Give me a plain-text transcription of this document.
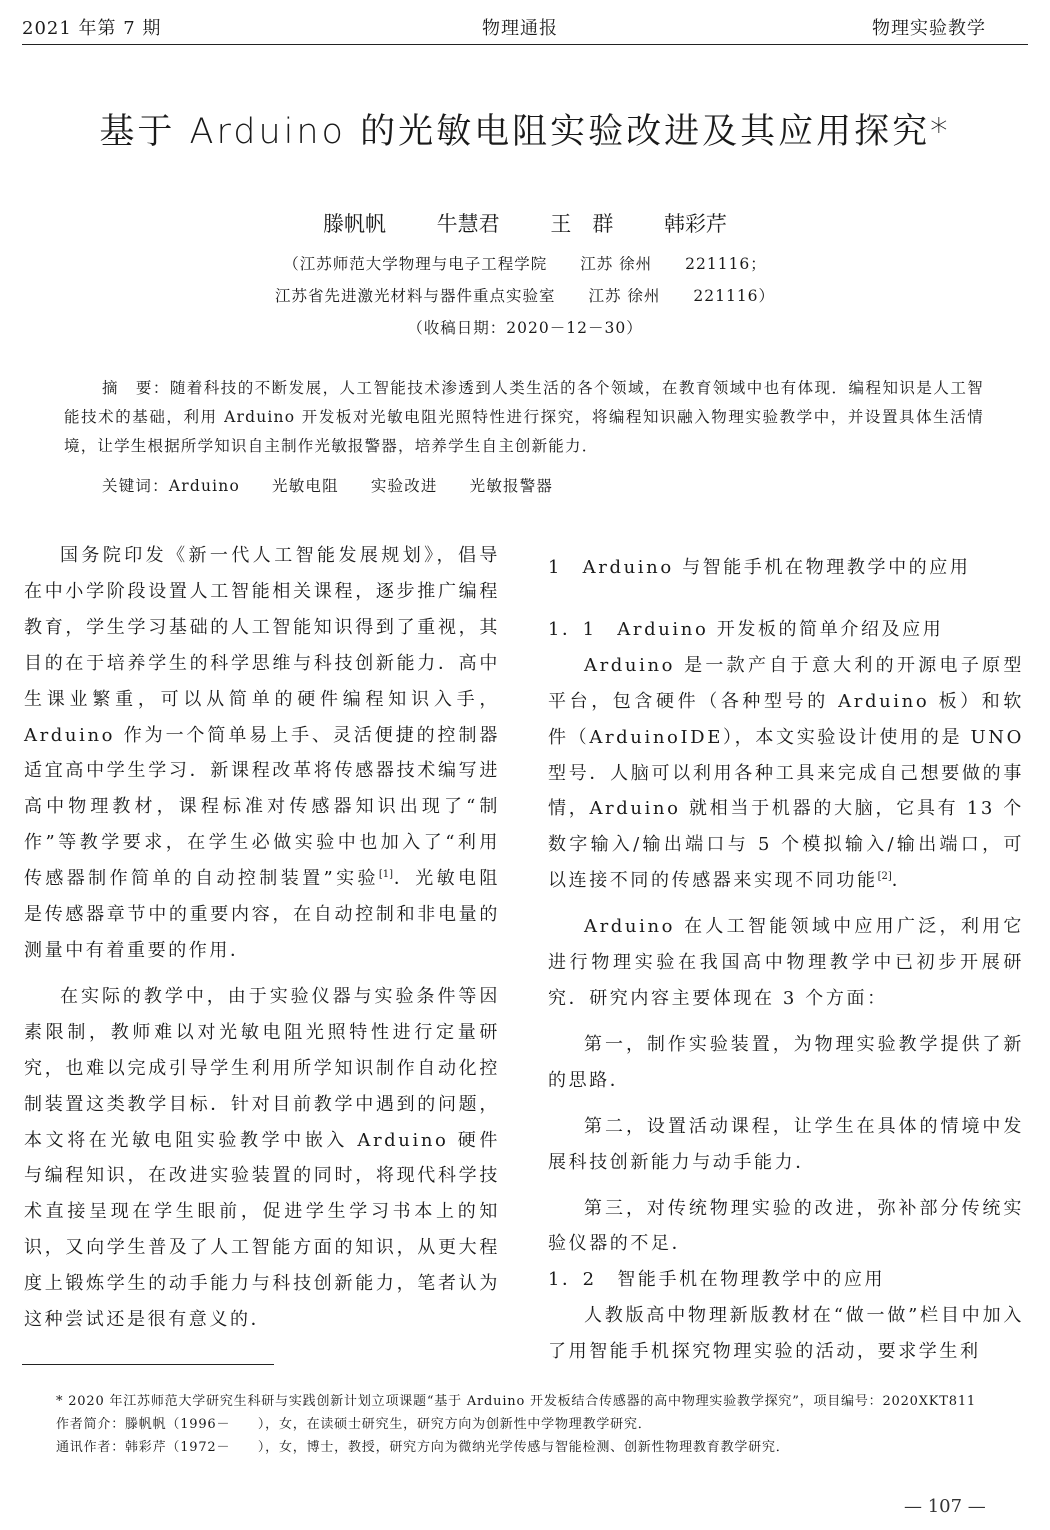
2021 年第 7 期	物理通报	物理实验教学
基于 Arduino 的光敏电阻实验改进及其应用探究*
滕帆帆 牛慧君 王　群 韩彩芹
（江苏师范大学物理与电子工程学院　　江苏 徐州　　221116；
江苏省先进激光材料与器件重点实验室　　江苏 徐州　　221116）
（收稿日期：2020－12－30）
摘　要：随着科技的不断发展，人工智能技术渗透到人类生活的各个领域，在教育领域中也有体现．编程知识是人工智能技术的基础，利用 Arduino 开发板对光敏电阻光照特性进行探究，将编程知识融入物理实验教学中，并设置具体生活情境，让学生根据所学知识自主制作光敏报警器，培养学生自主创新能力．
关键词：Arduino 光敏电阻 实验改进 光敏报警器

国务院印发《新一代人工智能发展规划》，倡导在中小学阶段设置人工智能相关课程，逐步推广编程教育，学生学习基础的人工智能知识得到了重视，其目的在于培养学生的科学思维与科技创新能力．高中生课业繁重，可以从简单的硬件编程知识入手，Arduino 作为一个简单易上手、灵活便捷的控制器适宜高中学生学习．新课程改革将传感器技术编写进高中物理教材，课程标准对传感器知识出现了“制作”等教学要求，在学生必做实验中也加入了“利用传感器制作简单的自动控制装置”实验[1]．光敏电阻是传感器章节中的重要内容，在自动控制和非电量的测量中有着重要的作用．

在实际的教学中，由于实验仪器与实验条件等因素限制，教师难以对光敏电阻光照特性进行定量研究，也难以完成引导学生利用所学知识制作自动化控制装置这类教学目标．针对目前教学中遇到的问题，本文将在光敏电阻实验教学中嵌入 Arduino 硬件与编程知识，在改进实验装置的同时，将现代科学技术直接呈现在学生眼前，促进学生学习书本上的知识，又向学生普及了人工智能方面的知识，从更大程度上锻炼学生的动手能力与科技创新能力，笔者认为这种尝试还是很有意义的．

1　Arduino 与智能手机在物理教学中的应用

1．1　Arduino 开发板的简单介绍及应用

Arduino 是一款产自于意大利的开源电子原型平台，包含硬件（各种型号的 Arduino 板）和软件（ArduinoIDE），本文实验设计使用的是 UNO 型号．人脑可以利用各种工具来完成自己想要做的事情，Arduino 就相当于机器的大脑，它具有 13 个数字输入/输出端口与 5 个模拟输入/输出端口，可以连接不同的传感器来实现不同功能[2]．

Arduino 在人工智能领域中应用广泛，利用它进行物理实验在我国高中物理教学中已初步开展研究．研究内容主要体现在 3 个方面：

第一，制作实验装置，为物理实验教学提供了新的思路．

第二，设置活动课程，让学生在具体的情境中发展科技创新能力与动手能力．

第三，对传统物理实验的改进，弥补部分传统实验仪器的不足．

1．2　智能手机在物理教学中的应用

人教版高中物理新版教材在“做一做”栏目中加入了用智能手机探究物理实验的活动，要求学生利

* 2020 年江苏师范大学研究生科研与实践创新计划立项课题“基于 Arduino 开发板结合传感器的高中物理实验教学探究”，项目编号：2020XKT811
作者简介：滕帆帆（1996－　　），女，在读硕士研究生，研究方向为创新性中学物理教学研究．
通讯作者：韩彩芹（1972－　　），女，博士，教授，研究方向为微纳光学传感与智能检测、创新性物理教育教学研究．
— 107 —
